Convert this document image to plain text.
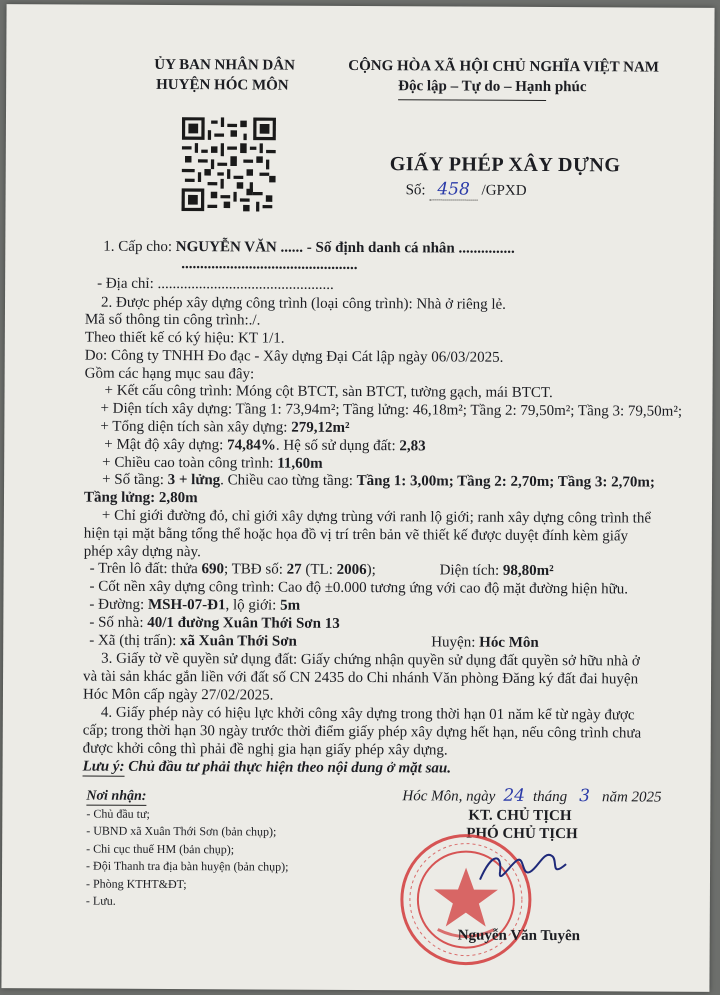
ỦY BAN NHÂN DÂN
HUYỆN HÓC MÔN
CỘNG HÒA XÃ HỘI CHỦ NGHĨA VIỆT NAM
Độc lập – Tự do – Hạnh phúc
GIẤY PHÉP XÂY DỰNG
Số: 458 /GPXD
1. Cấp cho: NGUYỄN VĂN ...... - Số định danh cá nhân ...............
...............................................
- Địa chỉ: ...............................................
2. Được phép xây dựng công trình (loại công trình): Nhà ở riêng lẻ.
Mã số thông tin công trình:./.
Theo thiết kế có ký hiệu: KT 1/1.
Do: Công ty TNHH Đo đạc - Xây dựng Đại Cát lập ngày 06/03/2025.
Gồm các hạng mục sau đây:
+ Kết cấu công trình: Móng cột BTCT, sàn BTCT, tường gạch, mái BTCT.
+ Diện tích xây dựng: Tầng 1: 73,94m²; Tầng lửng: 46,18m²; Tầng 2: 79,50m²; Tầng 3: 79,50m²;
+ Tổng diện tích sàn xây dựng: 279,12m²
+ Mật độ xây dựng: 74,84%. Hệ số sử dụng đất: 2,83
+ Chiều cao toàn công trình: 11,60m
+ Số tầng: 3 + lửng. Chiều cao từng tầng: Tầng 1: 3,00m; Tầng 2: 2,70m; Tầng 3: 2,70m;
Tầng lửng: 2,80m
+ Chỉ giới đường đỏ, chỉ giới xây dựng trùng với ranh lộ giới; ranh xây dựng công trình thể
hiện tại mặt bằng tổng thể hoặc họa đồ vị trí trên bản vẽ thiết kế được duyệt đính kèm giấy
phép xây dựng này.
- Trên lô đất: thửa 690; TBĐ số: 27 (TL: 2006);	Diện tích: 98,80m²
- Cốt nền xây dựng công trình: Cao độ ±0.000 tương ứng với cao độ mặt đường hiện hữu.
- Đường: MSH-07-Đ1, lộ giới: 5m
- Số nhà: 40/1 đường Xuân Thới Sơn 13
- Xã (thị trấn): xã Xuân Thới Sơn	Huyện: Hóc Môn
3. Giấy tờ về quyền sử dụng đất: Giấy chứng nhận quyền sử dụng đất quyền sở hữu nhà ở
và tài sản khác gắn liền với đất số CN 2435 do Chi nhánh Văn phòng Đăng ký đất đai huyện
Hóc Môn cấp ngày 27/02/2025.
4. Giấy phép này có hiệu lực khởi công xây dựng trong thời hạn 01 năm kể từ ngày được
cấp; trong thời hạn 30 ngày trước thời điểm giấy phép xây dựng hết hạn, nếu công trình chưa
được khởi công thì phải đề nghị gia hạn giấy phép xây dựng.
Lưu ý: Chủ đầu tư phải thực hiện theo nội dung ở mặt sau.
Hóc Môn, ngày 24 tháng 3 năm 2025
KT. CHỦ TỊCH
PHÓ CHỦ TỊCH
Nơi nhận:
- Chủ đầu tư;
- UBND xã Xuân Thới Sơn (bản chụp);
- Chi cục thuế HM (bản chụp);
- Đội Thanh tra địa bàn huyện (bản chụp);
- Phòng KTHT&ĐT;
- Lưu.
Nguyễn Văn Tuyên
